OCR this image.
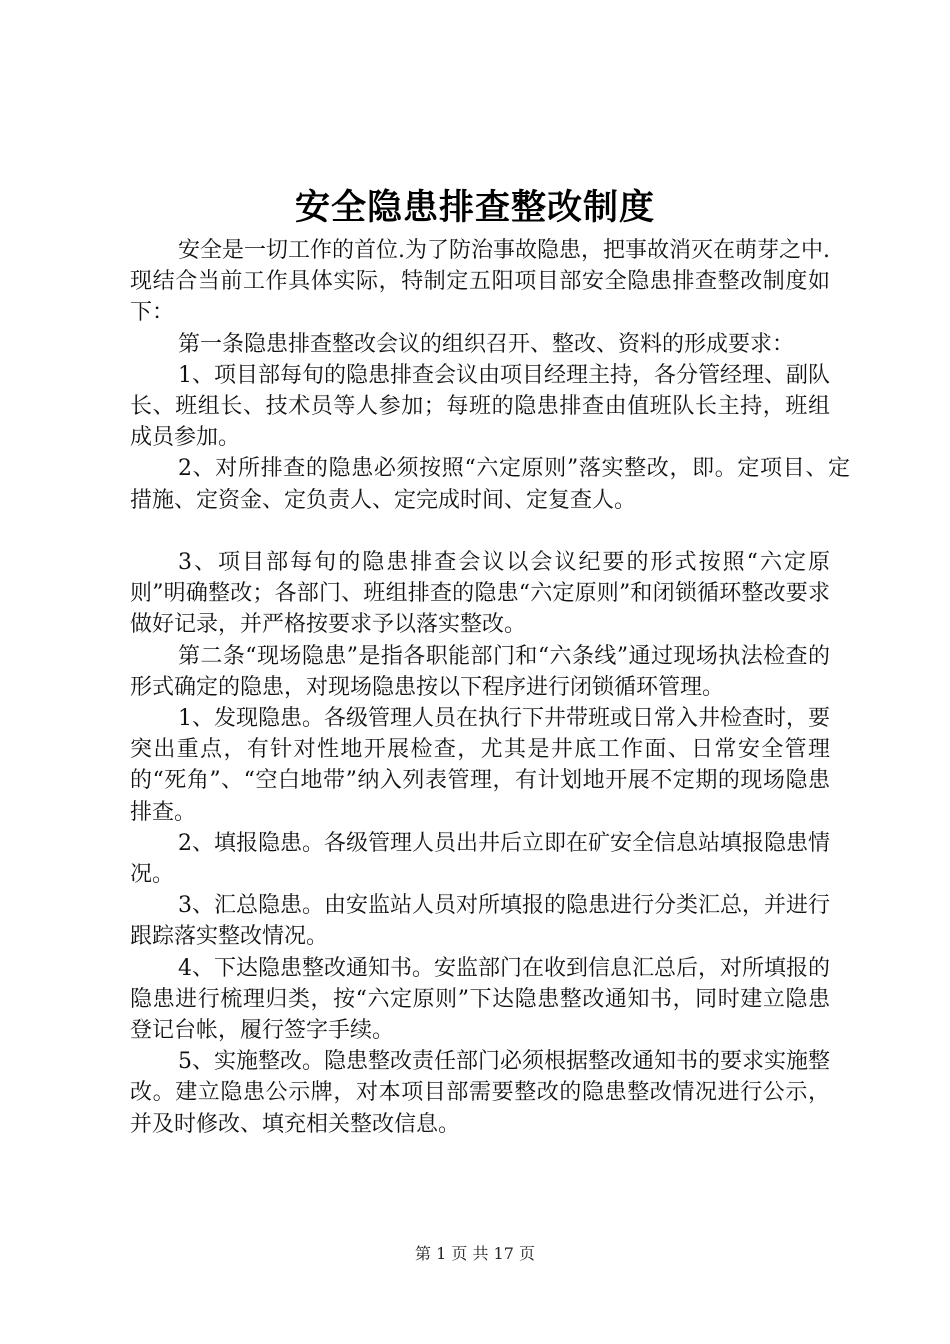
安全隐患排查整改制度

安全是一切工作的首位.为了防治事故隐患，把事故消灭在萌芽之中.现结合当前工作具体实际，特制定五阳项目部安全隐患排查整改制度如下：

第一条隐患排查整改会议的组织召开、整改、资料的形成要求：

1、项目部每旬的隐患排查会议由项目经理主持，各分管经理、副队长、班组长、技术员等人参加；每班的隐患排查由值班队长主持，班组成员参加。

2、对所排查的隐患必须按照“六定原则”落实整改，即。定项目、定措施、定资金、定负责人、定完成时间、定复查人。

3、项目部每旬的隐患排查会议以会议纪要的形式按照“六定原则”明确整改；各部门、班组排查的隐患“六定原则”和闭锁循环整改要求做好记录，并严格按要求予以落实整改。

第二条“现场隐患”是指各职能部门和“六条线”通过现场执法检查的形式确定的隐患，对现场隐患按以下程序进行闭锁循环管理。

1、发现隐患。各级管理人员在执行下井带班或日常入井检查时，要突出重点，有针对性地开展检查，尤其是井底工作面、日常安全管理的“死角”、“空白地带”纳入列表管理，有计划地开展不定期的现场隐患排查。

2、填报隐患。各级管理人员出井后立即在矿安全信息站填报隐患情况。

3、汇总隐患。由安监站人员对所填报的隐患进行分类汇总，并进行跟踪落实整改情况。

4、下达隐患整改通知书。安监部门在收到信息汇总后，对所填报的隐患进行梳理归类，按“六定原则”下达隐患整改通知书，同时建立隐患登记台帐，履行签字手续。

5、实施整改。隐患整改责任部门必须根据整改通知书的要求实施整改。建立隐患公示牌，对本项目部需要整改的隐患整改情况进行公示，并及时修改、填充相关整改信息。

第 1 页 共 17 页
